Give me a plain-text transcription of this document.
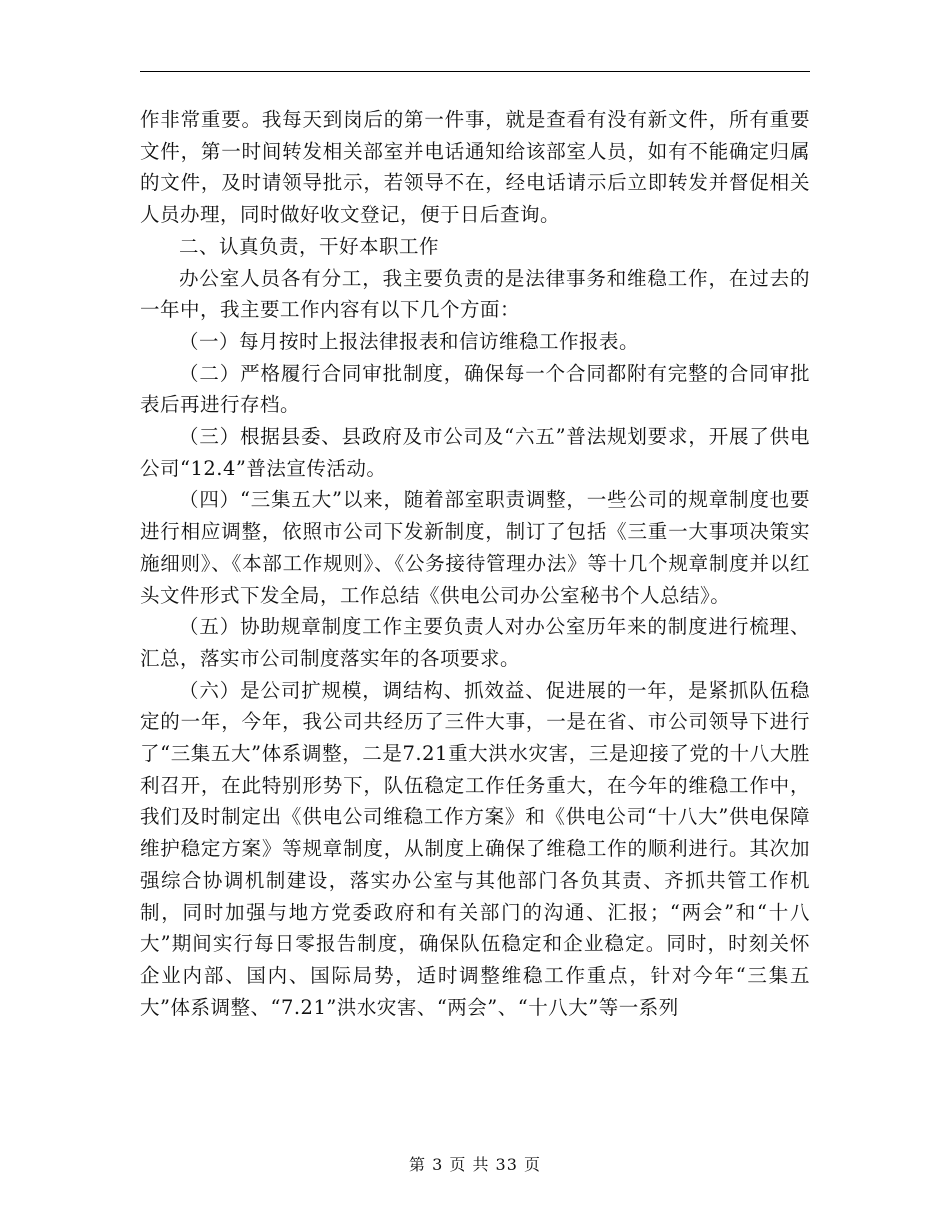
作非常重要。我每天到岗后的第一件事，就是查看有没有新文件，所有重要文件，第一时间转发相关部室并电话通知给该部室人员，如有不能确定归属的文件，及时请领导批示，若领导不在，经电话请示后立即转发并督促相关人员办理，同时做好收文登记，便于日后查询。

二、认真负责，干好本职工作

办公室人员各有分工，我主要负责的是法律事务和维稳工作，在过去的一年中，我主要工作内容有以下几个方面：

（一）每月按时上报法律报表和信访维稳工作报表。

（二）严格履行合同审批制度，确保每一个合同都附有完整的合同审批表后再进行存档。

（三）根据县委、县政府及市公司及“六五”普法规划要求，开展了供电公司“12.4”普法宣传活动。

（四）“三集五大”以来，随着部室职责调整，一些公司的规章制度也要进行相应调整，依照市公司下发新制度，制订了包括《三重一大事项决策实施细则》、《本部工作规则》、《公务接待管理办法》等十几个规章制度并以红头文件形式下发全局，工作总结《供电公司办公室秘书个人总结》。

（五）协助规章制度工作主要负责人对办公室历年来的制度进行梳理、汇总，落实市公司制度落实年的各项要求。

（六）是公司扩规模，调结构、抓效益、促进展的一年，是紧抓队伍稳定的一年，今年，我公司共经历了三件大事，一是在省、市公司领导下进行了“三集五大”体系调整，二是7.21重大洪水灾害，三是迎接了党的十八大胜利召开，在此特别形势下，队伍稳定工作任务重大，在今年的维稳工作中，我们及时制定出《供电公司维稳工作方案》和《供电公司“十八大”供电保障维护稳定方案》等规章制度，从制度上确保了维稳工作的顺利进行。其次加强综合协调机制建设，落实办公室与其他部门各负其责、齐抓共管工作机制，同时加强与地方党委政府和有关部门的沟通、汇报；“两会”和“十八大”期间实行每日零报告制度，确保队伍稳定和企业稳定。同时，时刻关怀企业内部、国内、国际局势，适时调整维稳工作重点，针对今年“三集五大”体系调整、“7.21”洪水灾害、“两会”、“十八大”等一系列

第 3 页 共 33 页
